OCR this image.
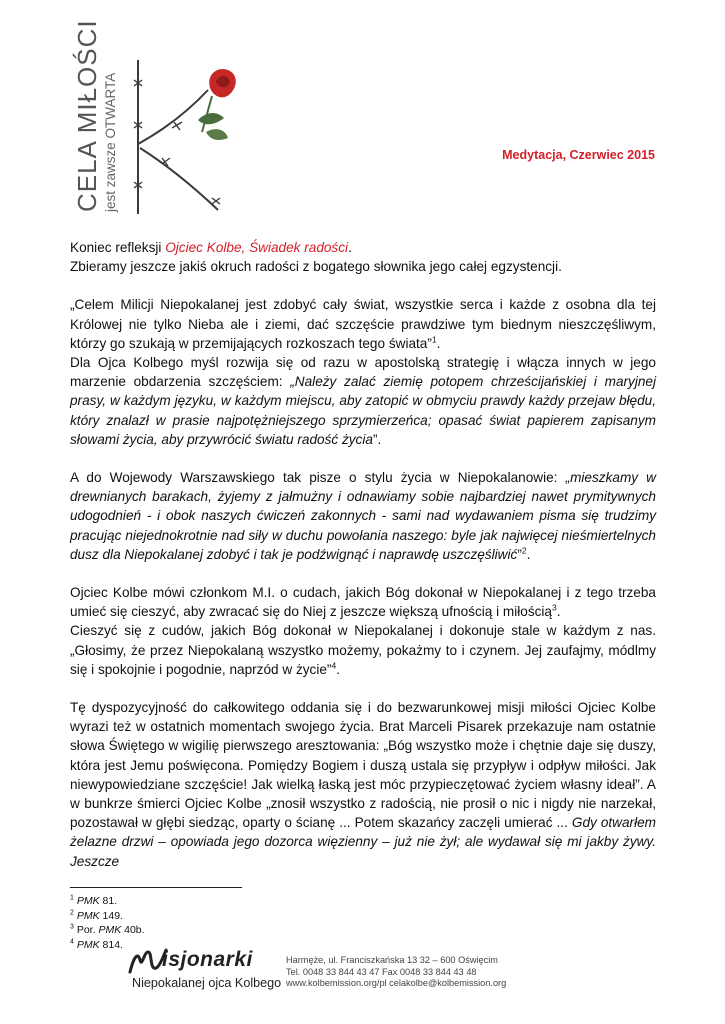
CELA MIŁOŚCI jest zawsze OTWARTA	Medytacja, Czerwiec 2015

Koniec refleksji Ojciec Kolbe, Świadek radości.

Zbieramy jeszcze jakiś okruch radości z bogatego słownika jego całej egzystencji.

„Celem Milicji Niepokalanej jest zdobyć cały świat, wszystkie serca i każde z osobna dla tej Królowej nie tylko Nieba ale i ziemi, dać szczęście prawdziwe tym biednym nieszczęśliwym, którzy go szukają w przemijających rozkoszach tego świata”$^1$.

Dla Ojca Kolbego myśl rozwija się od razu w apostolską strategię i włącza innych w jego marzenie obdarzenia szczęściem: „Należy zalać ziemię potopem chrześcijańskiej i maryjnej prasy, w każdym języku, w każdym miejscu, aby zatopić w obmyciu prawdy każdy przejaw błędu, który znalazł w prasie najpotężniejszego sprzymierzeńca; opasać świat papierem zapisanym słowami życia, aby przywrócić światu radość życia”.

A do Wojewody Warszawskiego tak pisze o stylu życia w Niepokalanowie: „mieszkamy w drewnianych barakach, żyjemy z jałmużny i odnawiamy sobie najbardziej nawet prymitywnych udogodnień - i obok naszych ćwiczeń zakonnych - sami nad wydawaniem pisma się trudzimy pracując niejednokrotnie nad siły w duchu powołania naszego: byle jak najwięcej nieśmiertelnych dusz dla Niepokalanej zdobyć i tak je podźwignąć i naprawdę uszczęśliwić”$^2$.

Ojciec Kolbe mówi członkom M.I. o cudach, jakich Bóg dokonał w Niepokalanej i z tego trzeba umieć się cieszyć, aby zwracać się do Niej z jeszcze większą ufnością i miłością$^3$.

Cieszyć się z cudów, jakich Bóg dokonał w Niepokalanej i dokonuje stale w każdym z nas. „Głosimy, że przez Niepokalaną wszystko możemy, pokażmy to i czynem. Jej zaufajmy, módlmy się i spokojnie i pogodnie, naprzód w życie”$^4$.

Tę dyspozycyjność do całkowitego oddania się i do bezwarunkowej misji miłości Ojciec Kolbe wyrazi też w ostatnich momentach swojego życia. Brat Marceli Pisarek przekazuje nam ostatnie słowa Świętego w wigilię pierwszego aresztowania: „Bóg wszystko może i chętnie daje się duszy, która jest Jemu poświęcona. Pomiędzy Bogiem i duszą ustala się przypływ i odpływ miłości. Jak niewypowiedziane szczęście! Jak wielką łaską jest móc przypieczętować życiem własny ideał”. A w bunkrze śmierci Ojciec Kolbe „znosił wszystko z radością, nie prosił o nic i nigdy nie narzekał, pozostawał w głębi siedząc, oparty o ścianę ... Potem skazańcy zaczęli umierać ... Gdy otwarłem żelazne drzwi – opowiada jego dozorca więzienny – już nie żył; ale wydawał się mi jakby żywy. Jeszcze

$^1$ PMK 81.
$^2$ PMK 149.
$^3$ Por. PMK 40b.
$^4$ PMK 814.
isjonarki
Niepokalanej ojca Kolbego
Harmęże, ul. Franciszkańska 13 32 – 600 Oświęcim
Tel. 0048 33 844 43 47 Fax 0048 33 844 43 48
www.kolbemission.org/pl celakolbe@kolbemission.org
